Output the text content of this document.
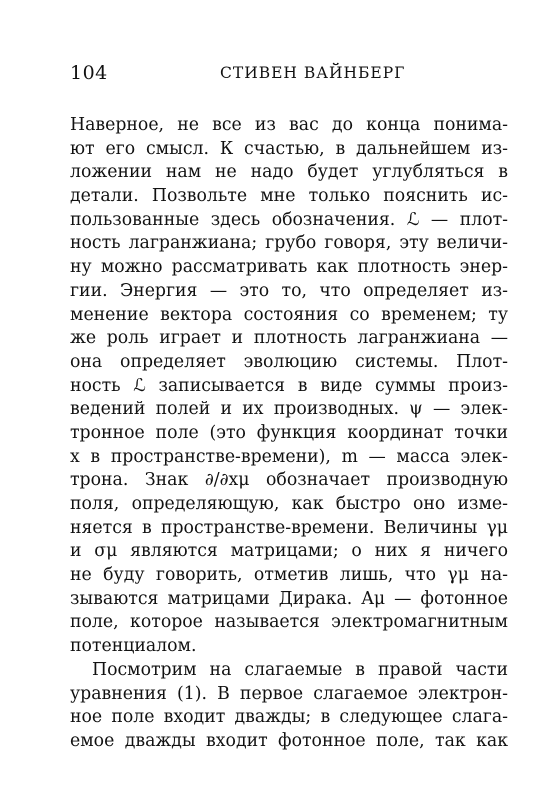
104	СТИВЕН ВАЙНБЕРГ
Наверное, не все из вас до конца понима-
ют его смысл. К счастью, в дальнейшем из-
ложении нам не надо будет углубляться в
детали. Позвольте мне только пояснить ис-
пользованные здесь обозначения. ℒ — плот-
ность лагранжиана; грубо говоря, эту величи-
ну можно рассматривать как плотность энер-
гии. Энергия — это то, что определяет из-
менение вектора состояния со временем; ту
же роль играет и плотность лагранжиана —
она определяет эволюцию системы. Плот-
ность ℒ записывается в виде суммы произ-
ведений полей и их производных. ψ — элек-
тронное поле (это функция координат точки
x в пространстве-времени), m — масса элек-
трона. Знак ∂/∂xμ обозначает производную
поля, определяющую, как быстро оно изме-
няется в пространстве-времени. Величины γμ
и σμ являются матрицами; о них я ничего
не буду говорить, отметив лишь, что γμ на-
зываются матрицами Дирака. Aμ — фотонное
поле, которое называется электромагнитным
потенциалом.
Посмотрим на слагаемые в правой части
уравнения (1). В первое слагаемое электрон-
ное поле входит дважды; в следующее слага-
емое дважды входит фотонное поле, так как
